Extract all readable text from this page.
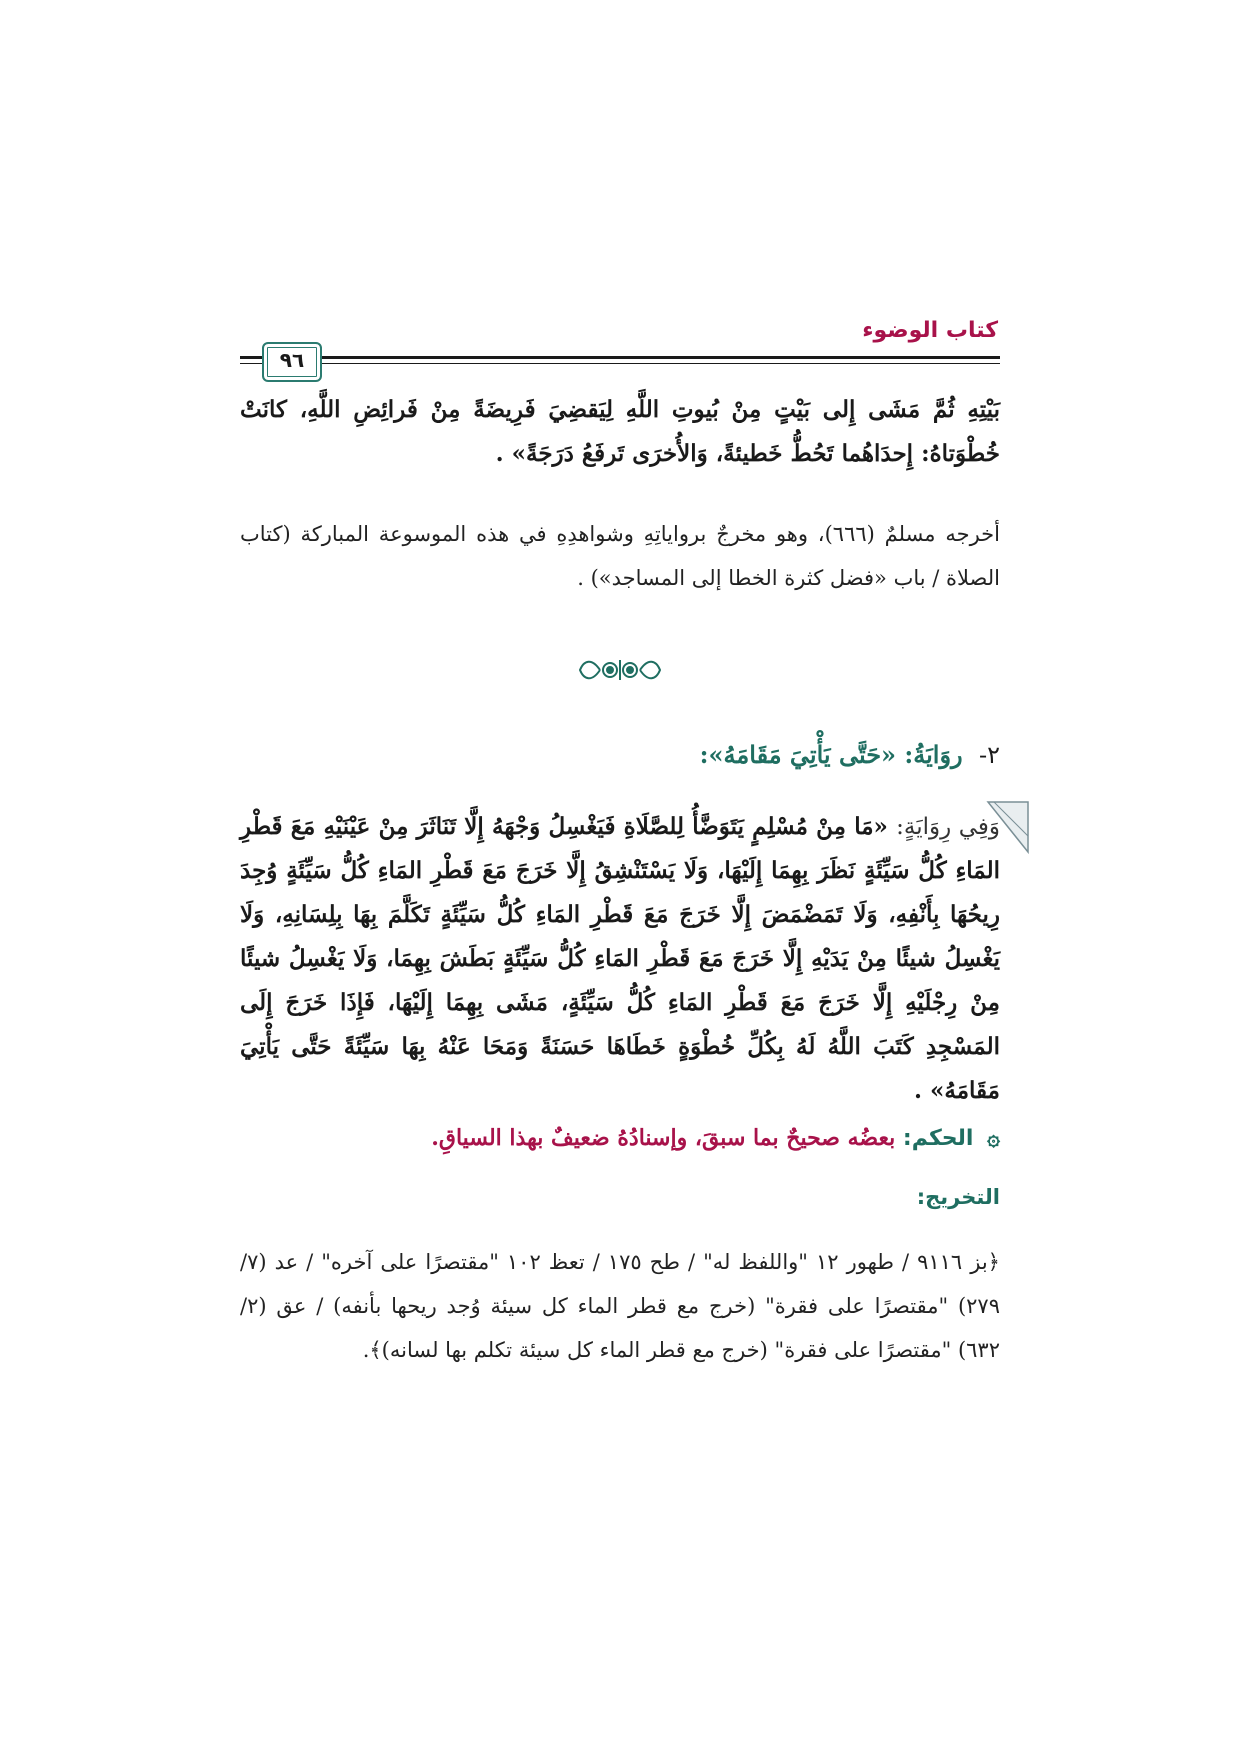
كتاب الوضوء
٩٦
بَيْتِهِ ثُمَّ مَشَى إِلى بَيْتٍ مِنْ بُيوتِ اللَّهِ لِيَقضِيَ فَرِيضَةً مِنْ فَرائِضِ اللَّهِ، كانَتْ خُطْوَتاهُ: إِحدَاهُما تَحُطُّ خَطيئةً، وَالأُخرَى تَرفَعُ دَرَجَةً» .
أخرجه مسلمٌ (٦٦٦)، وهو مخرجٌ برواياتِهِ وشواهدِهِ في هذه الموسوعة المباركة (كتاب الصلاة / باب «فضل كثرة الخطا إلى المساجد») .
٢- روَايَةُ: «حَتَّى يَأْتِيَ مَقَامَهُ»:
وَفِي رِوَايَةٍ: «مَا مِنْ مُسْلِمٍ يَتَوَضَّأُ لِلصَّلَاةِ فَيَغْسِلُ وَجْهَهُ إِلَّا تَنَاثَرَ مِنْ عَيْنَيْهِ مَعَ قَطْرِ المَاءِ كُلُّ سَيِّئَةٍ نَظَرَ بِهِمَا إِلَيْهَا، وَلَا يَسْتَنْشِقُ إِلَّا خَرَجَ مَعَ قَطْرِ المَاءِ كُلُّ سَيِّئَةٍ وُجِدَ رِيحُهَا بِأَنْفِهِ، وَلَا تَمَضْمَضَ إِلَّا خَرَجَ مَعَ قَطْرِ المَاءِ كُلُّ سَيِّئَةٍ تَكَلَّمَ بِهَا بِلِسَانِهِ، وَلَا يَغْسِلُ شيئًا مِنْ يَدَيْهِ إِلَّا خَرَجَ مَعَ قَطْرِ المَاءِ كُلُّ سَيِّئَةٍ بَطَشَ بِهِمَا، وَلَا يَغْسِلُ شيئًا مِنْ رِجْلَيْهِ إِلَّا خَرَجَ مَعَ قَطْرِ المَاءِ كُلُّ سَيِّئَةٍ، مَشَى بِهِمَا إِلَيْهَا، فَإِذَا خَرَجَ إِلَى المَسْجِدِ كَتَبَ اللَّهُ لَهُ بِكُلِّ خُطْوَةٍ خَطَاهَا حَسَنَةً وَمَحَا عَنْهُ بِهَا سَيِّئَةً حَتَّى يَأْتِيَ مَقَامَهُ» .
۞ الحكم: بعضُه صحيحٌ بما سبقَ، وإسنادُهُ ضعيفٌ بهذا السياقِ.
التخريج:
﴿بز ٩١١٦ / طهور ١٢ "واللفظ له" / طح ١٧٥ / تعظ ١٠٢ "مقتصرًا على آخره" / عد (٧/ ٢٧٩) "مقتصرًا على فقرة" (خرج مع قطر الماء كل سيئة وُجد ريحها بأنفه) / عق (٢/ ٦٣٢) "مقتصرًا على فقرة" (خرج مع قطر الماء كل سيئة تكلم بها لسانه)﴾.
